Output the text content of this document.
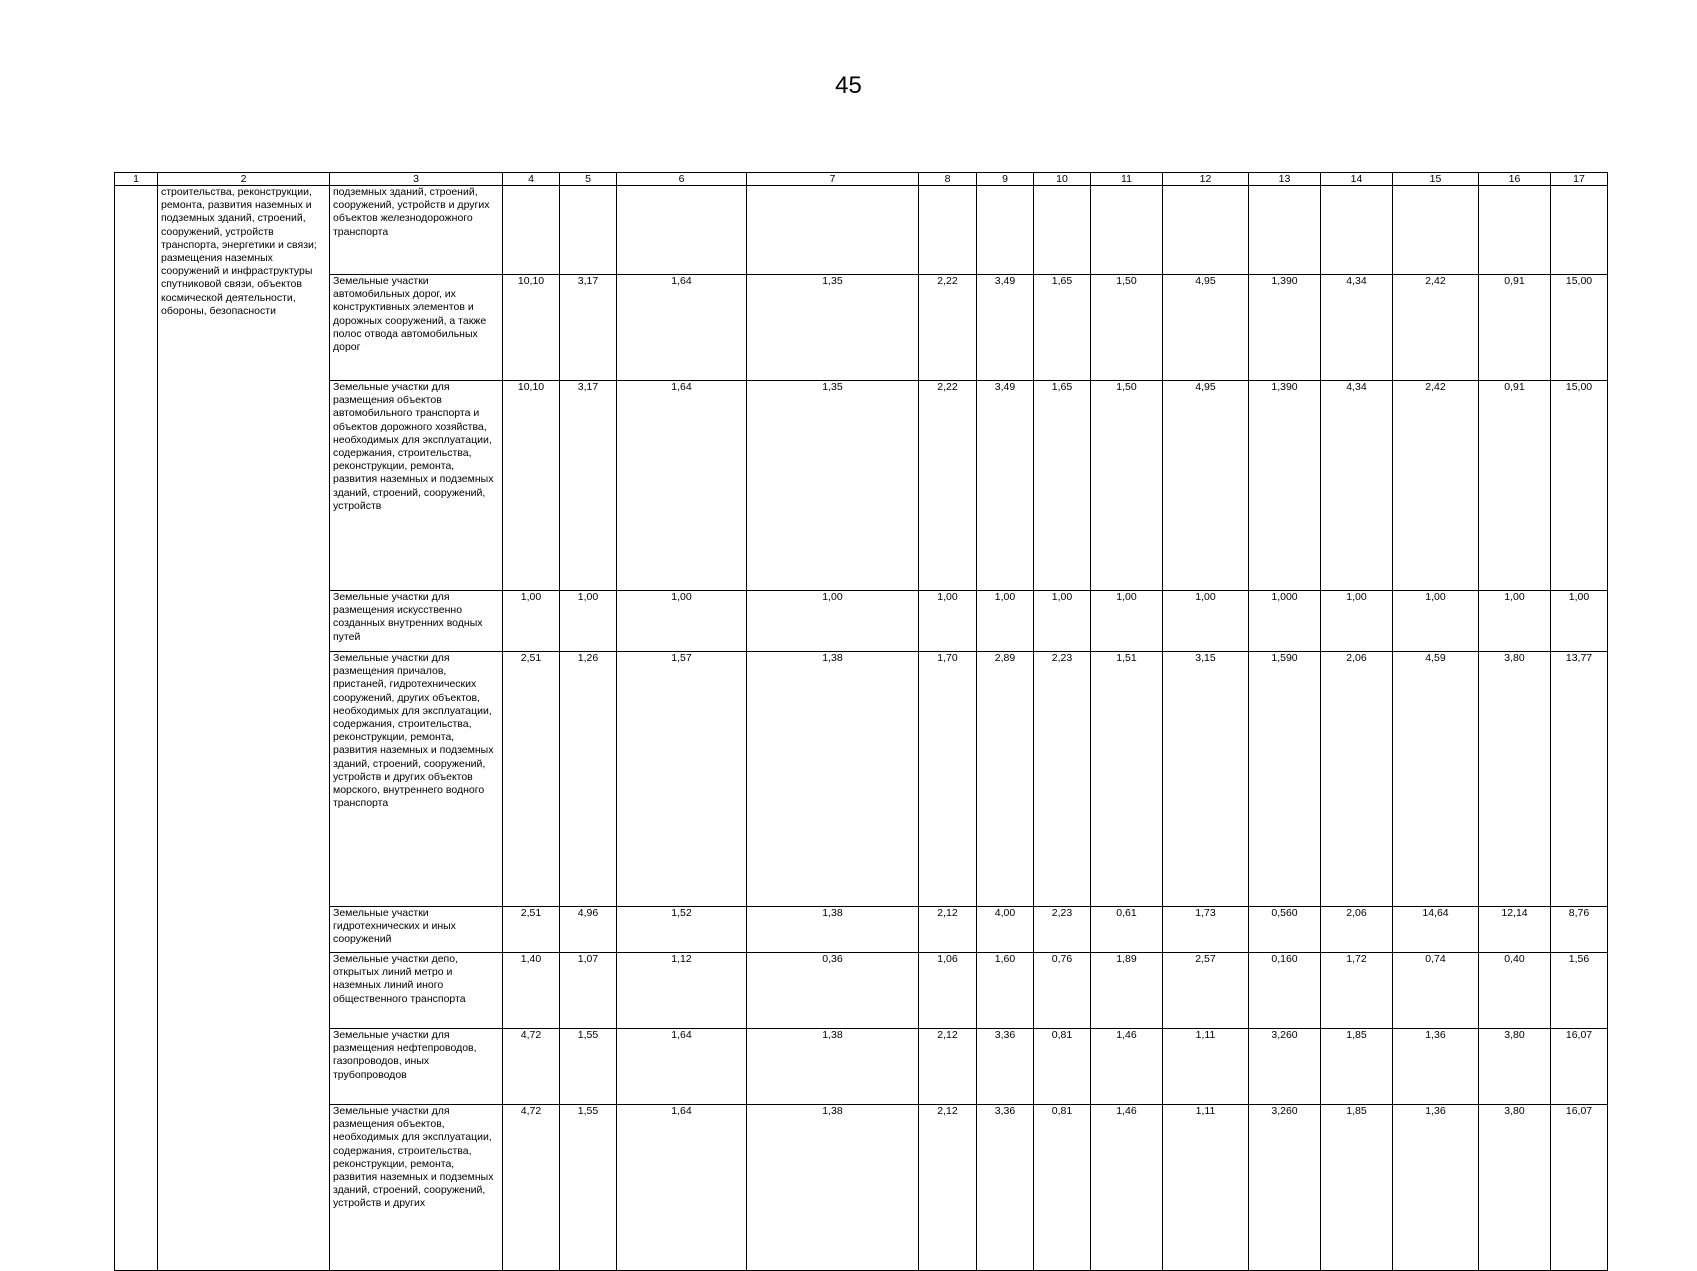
45
1	2	3	4	5	6	7	8	9	10	11	12	13	14	15	16	17
	строительства, реконструкции, ремонта, развития наземных и подземных зданий, строений, сооружений, устройств транспорта, энергетики и связи; размещения наземных сооружений и инфраструктуры спутниковой связи, объектов космической деятельности, обороны, безопасности	подземных зданий, строений, сооружений, устройств и других объектов железнодорожного транспорта														
		Земельные участки автомобильных дорог, их конструктивных элементов и дорожных сооружений, а также полос отвода автомобильных дорог	10,10	3,17	1,64	1,35	2,22	3,49	1,65	1,50	4,95	1,390	4,34	2,42	0,91	15,00
		Земельные участки для размещения объектов автомобильного транспорта и объектов дорожного хозяйства, необходимых для эксплуатации, содержания, строительства, реконструкции, ремонта, развития наземных и подземных зданий, строений, сооружений, устройств	10,10	3,17	1,64	1,35	2,22	3,49	1,65	1,50	4,95	1,390	4,34	2,42	0,91	15,00
		Земельные участки для размещения искусственно созданных внутренних водных путей	1,00	1,00	1,00	1,00	1,00	1,00	1,00	1,00	1,00	1,000	1,00	1,00	1,00	1,00
		Земельные участки для размещения причалов, пристаней, гидротехнических сооружений, других объектов, необходимых для эксплуатации, содержания, строительства, реконструкции, ремонта, развития наземных и подземных зданий, строений, сооружений, устройств и других объектов морского, внутреннего водного транспорта	2,51	1,26	1,57	1,38	1,70	2,89	2,23	1,51	3,15	1,590	2,06	4,59	3,80	13,77
		Земельные участки гидротехнических и иных сооружений	2,51	4,96	1,52	1,38	2,12	4,00	2,23	0,61	1,73	0,560	2,06	14,64	12,14	8,76
		Земельные участки депо, открытых линий метро и наземных линий иного общественного транспорта	1,40	1,07	1,12	0,36	1,06	1,60	0,76	1,89	2,57	0,160	1,72	0,74	0,40	1,56
		Земельные участки для размещения нефтепроводов, газопроводов, иных трубопроводов	4,72	1,55	1,64	1,38	2,12	3,36	0,81	1,46	1,11	3,260	1,85	1,36	3,80	16,07
		Земельные участки для размещения объектов, необходимых для эксплуатации, содержания, строительства, реконструкции, ремонта, развития наземных и подземных зданий, строений, сооружений, устройств и других	4,72	1,55	1,64	1,38	2,12	3,36	0,81	1,46	1,11	3,260	1,85	1,36	3,80	16,07
